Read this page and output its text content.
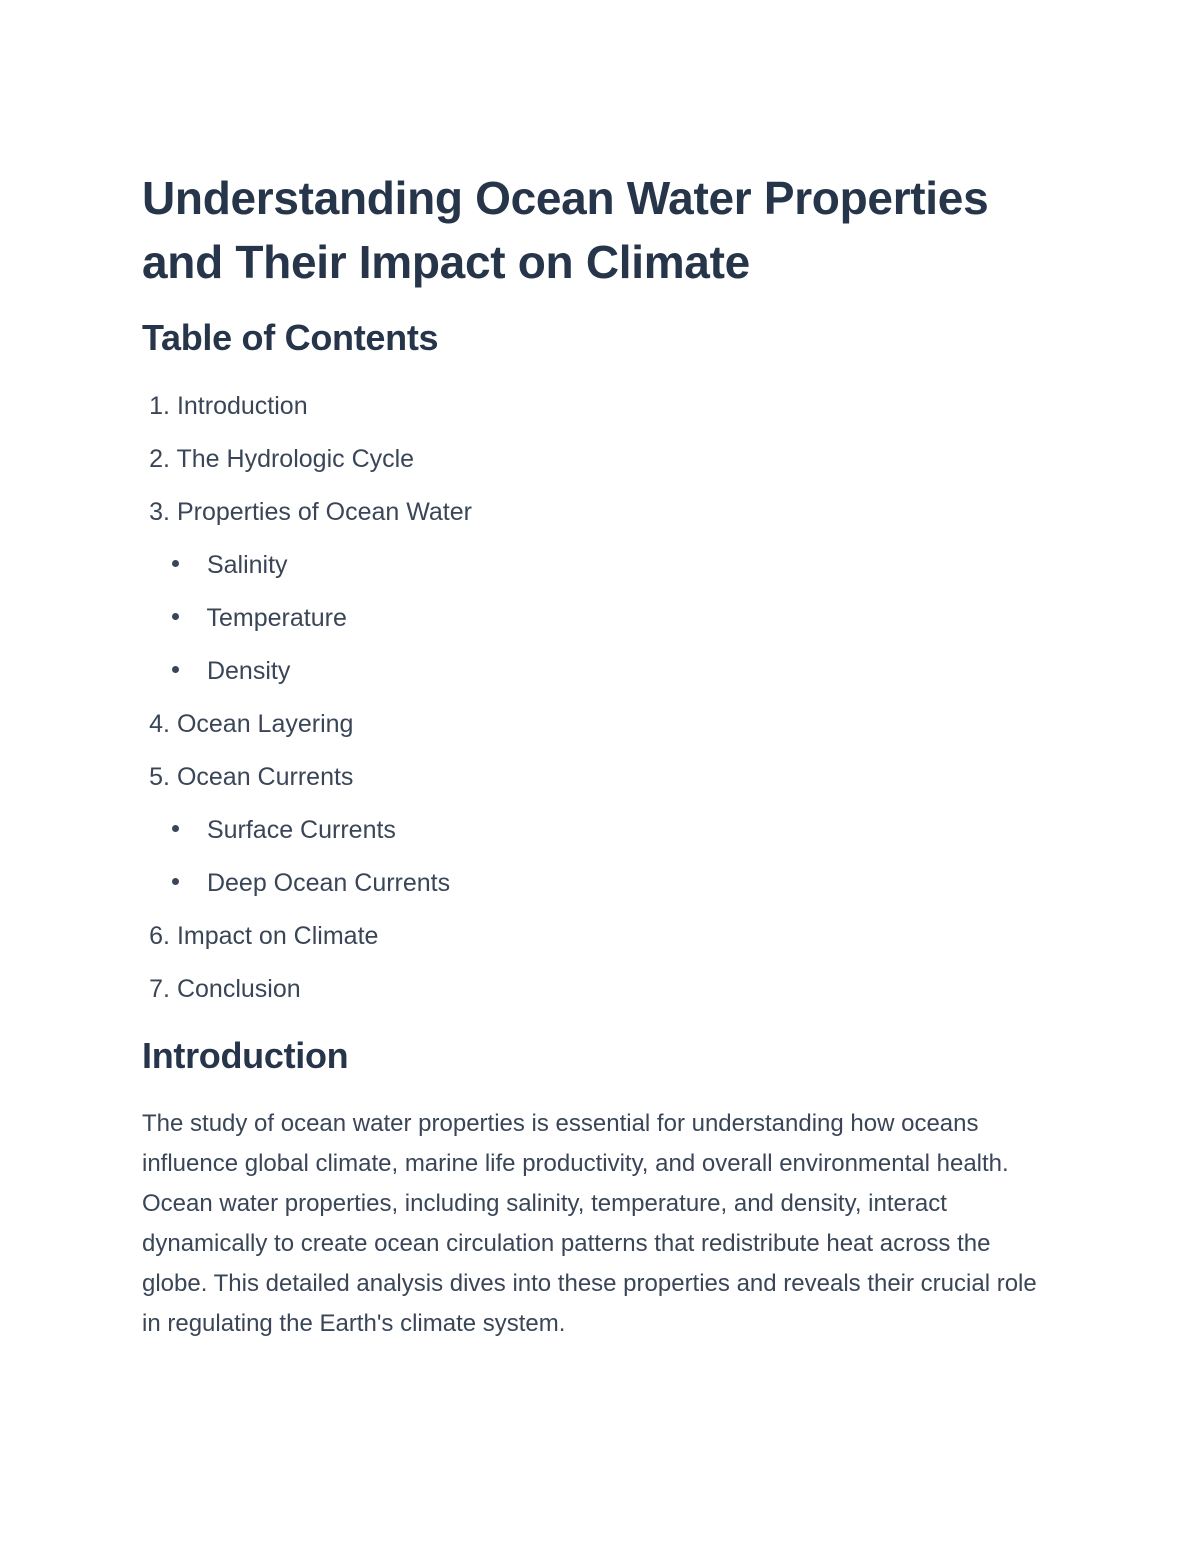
Understanding Ocean Water Properties and Their Impact on Climate
Table of Contents
1. Introduction
2. The Hydrologic Cycle
3. Properties of Ocean Water
Salinity
Temperature
Density
4. Ocean Layering
5. Ocean Currents
Surface Currents
Deep Ocean Currents
6. Impact on Climate
7. Conclusion
Introduction

The study of ocean water properties is essential for understanding how oceans influence global climate, marine life productivity, and overall environmental health. Ocean water properties, including salinity, temperature, and density, interact dynamically to create ocean circulation patterns that redistribute heat across the globe. This detailed analysis dives into these properties and reveals their crucial role in regulating the Earth's climate system.
